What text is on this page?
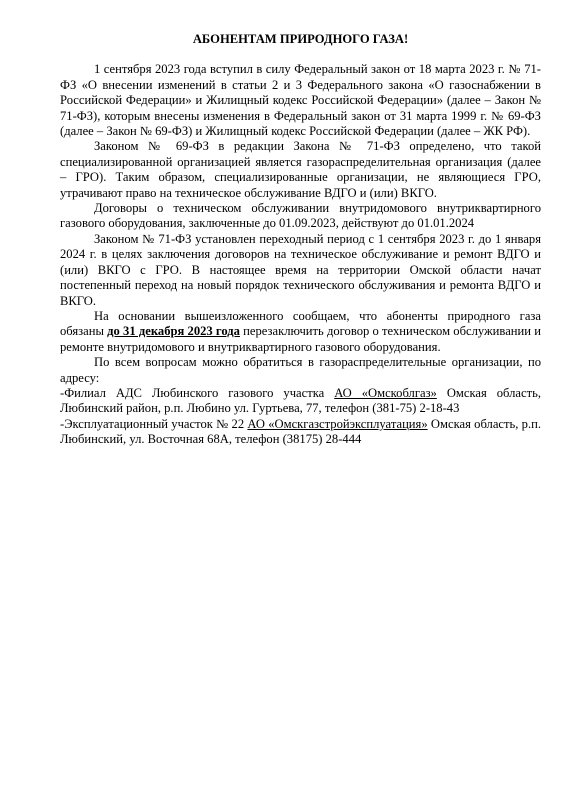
АБОНЕНТАМ ПРИРОДНОГО ГАЗА!

1 сентября 2023 года вступил в силу Федеральный закон от 18 марта 2023 г. № 71-ФЗ «О внесении изменений в статьи 2 и 3 Федерального закона «О газоснабжении в Российской Федерации» и Жилищный кодекс Российской Федерации» (далее – Закон № 71-ФЗ), которым внесены изменения в Федеральный закон от 31 марта 1999 г. № 69-ФЗ (далее – Закон № 69-ФЗ) и Жилищный кодекс Российской Федерации (далее – ЖК РФ).

Законом № 69-ФЗ в редакции Закона № 71-ФЗ определено, что такой специализированной организацией является газораспределительная организация (далее – ГРО). Таким образом, специализированные организации, не являющиеся ГРО, утрачивают право на техническое обслуживание ВДГО и (или) ВКГО.

Договоры о техническом обслуживании внутридомового внутриквартирного газового оборудования, заключенные до 01.09.2023, действуют до 01.01.2024

Законом № 71-ФЗ установлен переходный период с 1 сентября 2023 г. до 1 января 2024 г. в целях заключения договоров на техническое обслуживание и ремонт ВДГО и (или) ВКГО с ГРО. В настоящее время на территории Омской области начат постепенный переход на новый порядок технического обслуживания и ремонта ВДГО и ВКГО.

На основании вышеизложенного сообщаем, что абоненты природного газа обязаны до 31 декабря 2023 года перезаключить договор о техническом обслуживании и ремонте внутридомового и внутриквартирного газового оборудования.

По всем вопросам можно обратиться в газораспределительные организации, по адресу:

-Филиал АДС Любинского газового участка АО «Омскоблгаз» Омская область, Любинский район, р.п. Любино ул. Гуртьева, 77, телефон (381-75) 2-18-43

-Эксплуатационный участок № 22 АО «Омскгазстройэксплуатация» Омская область, р.п. Любинский, ул. Восточная 68А, телефон (38175) 28-444
